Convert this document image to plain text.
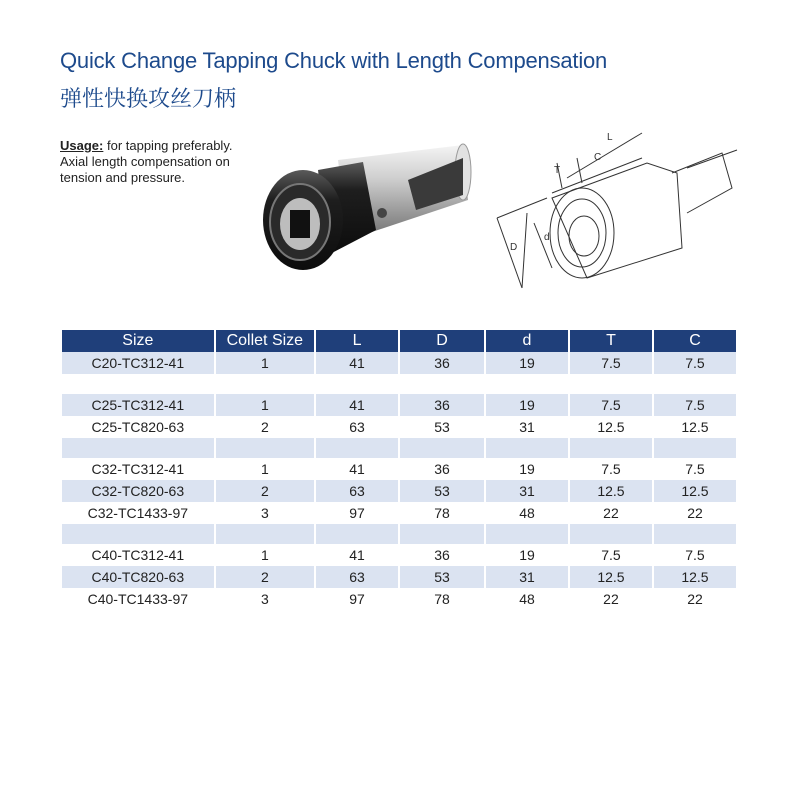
Quick Change Tapping Chuck with Length Compensation
弹性快换攻丝刀柄
Usage: for tapping preferably.
Axial length compensation on
tension and pressure.
L
C
T
D
d
Size	Collet Size	L	D	d	T	C
C20-TC312-41	1	41	36	19	7.5	7.5

C25-TC312-41	1	41	36	19	7.5	7.5
C25-TC820-63	2	63	53	31	12.5	12.5

C32-TC312-41	1	41	36	19	7.5	7.5
C32-TC820-63	2	63	53	31	12.5	12.5
C32-TC1433-97	3	97	78	48	22	22

C40-TC312-41	1	41	36	19	7.5	7.5
C40-TC820-63	2	63	53	31	12.5	12.5
C40-TC1433-97	3	97	78	48	22	22
